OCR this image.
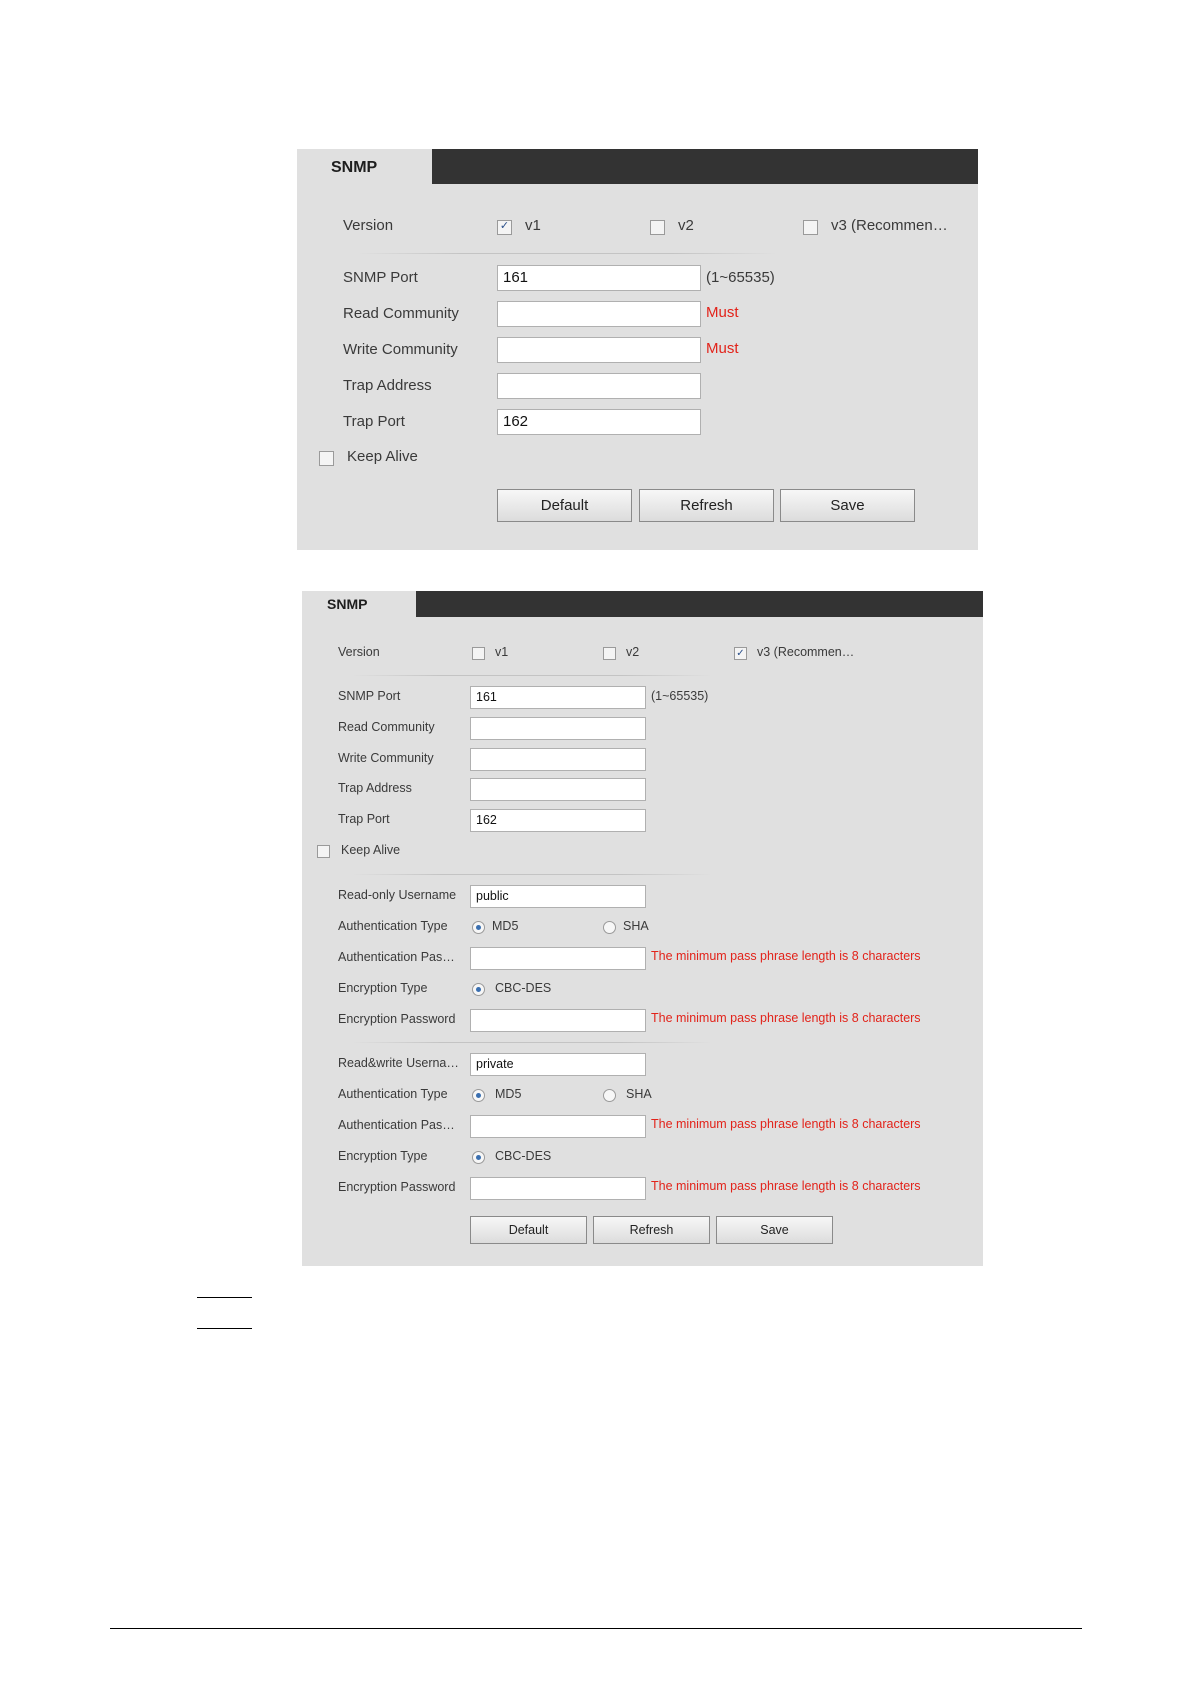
SNMP
Version	✓ v1	v2	v3 (Recommen…
SNMP Port	161	(1~65535)
Read Community	Must
Write Community	Must
Trap Address
Trap Port	162
Keep Alive
Default	Refresh	Save
SNMP
Version	v1	v2	✓ v3 (Recommen…
SNMP Port	161	(1~65535)
Read Community
Write Community
Trap Address
Trap Port	162
Keep Alive
Read-only Username	public
Authentication Type	MD5	SHA
Authentication Pas…	The minimum pass phrase length is 8 characters
Encryption Type	CBC-DES
Encryption Password	The minimum pass phrase length is 8 characters
Read&write Userna…	private
Authentication Type	MD5	SHA
Authentication Pas…	The minimum pass phrase length is 8 characters
Encryption Type	CBC-DES
Encryption Password	The minimum pass phrase length is 8 characters
Default	Refresh	Save
